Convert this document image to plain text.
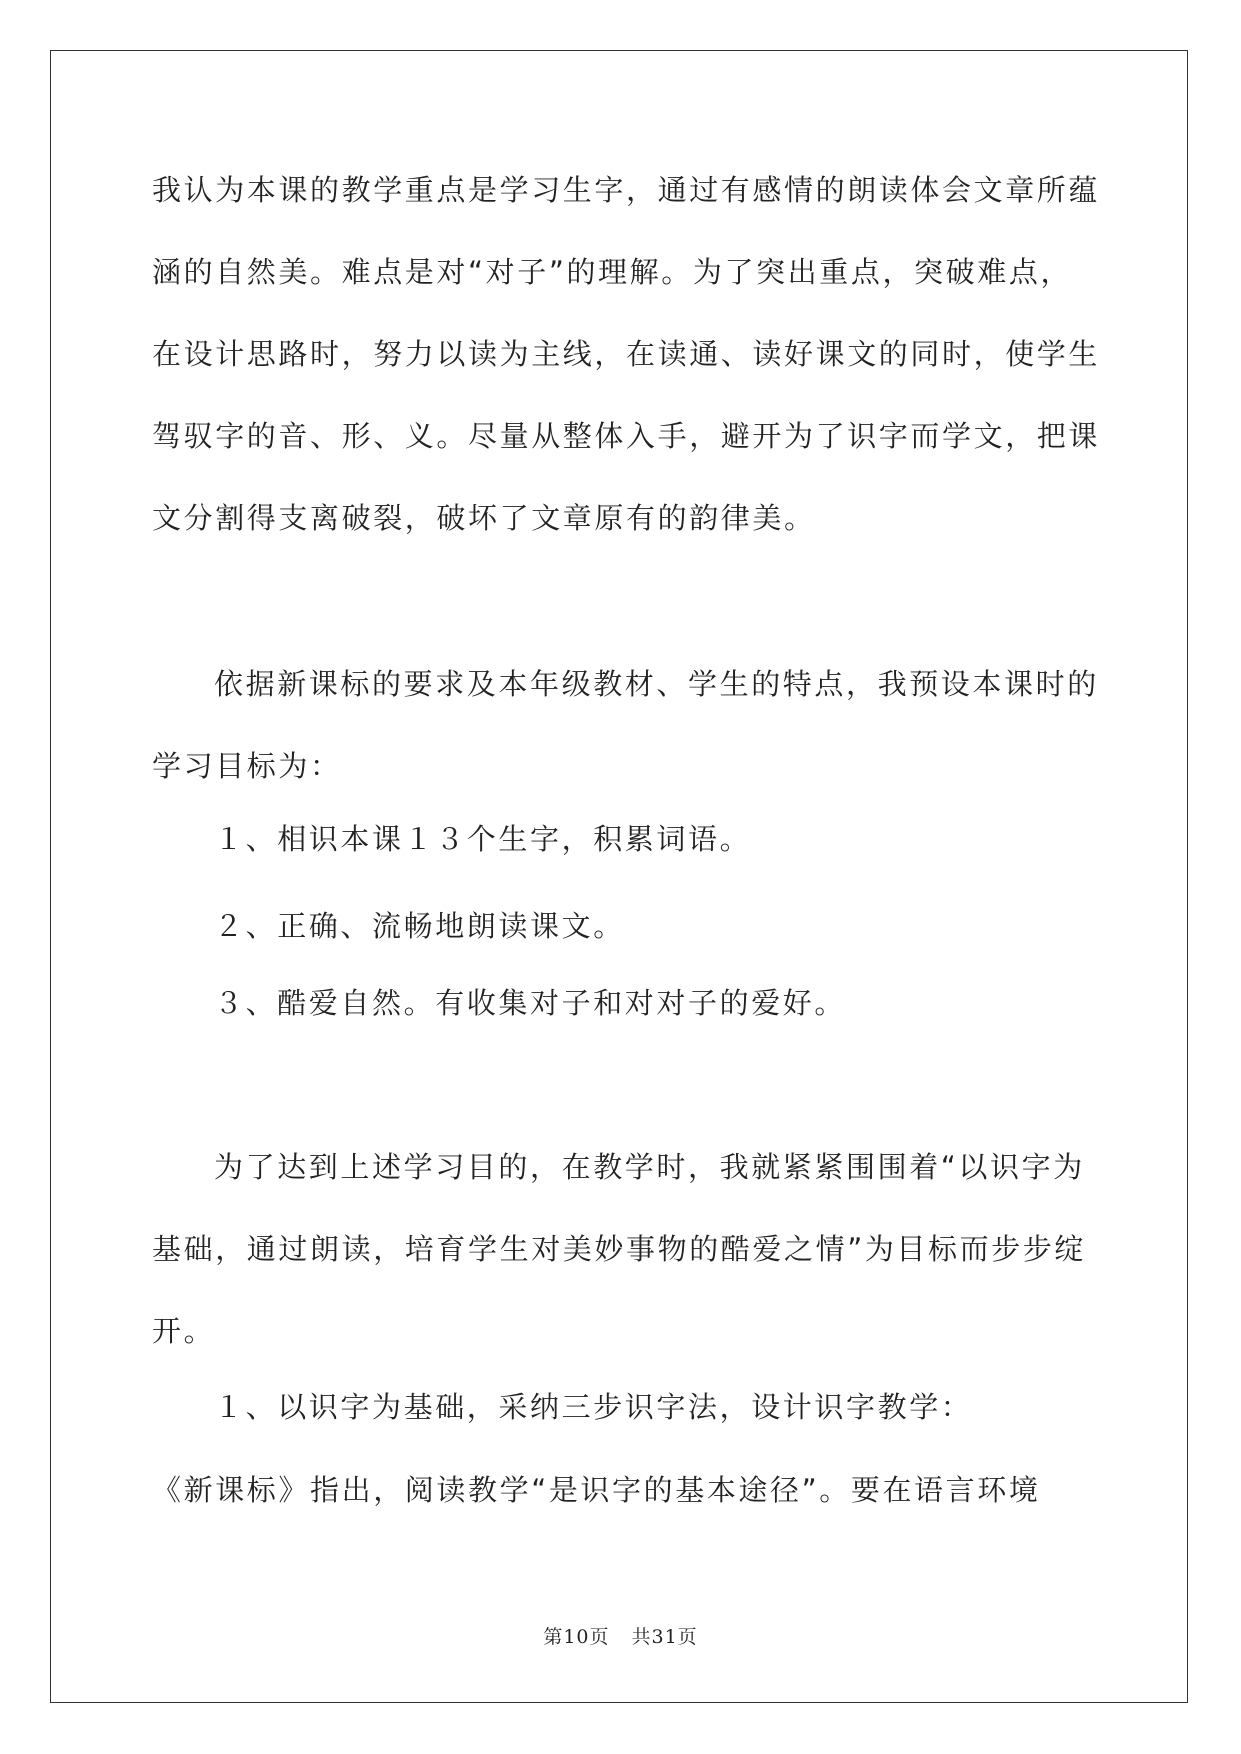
我认为本课的教学重点是学习生字，通过有感情的朗读体会文章所蕴
涵的自然美。难点是对“对子”的理解。为了突出重点，突破难点，
在设计思路时，努力以读为主线，在读通、读好课文的同时，使学生
驾驭字的音、形、义。尽量从整体入手，避开为了识字而学文，把课
文分割得支离破裂，破坏了文章原有的韵律美。
依据新课标的要求及本年级教材、学生的特点，我预设本课时的
学习目标为：
１、相识本课１３个生字，积累词语。
２、正确、流畅地朗读课文。
３、酷爱自然。有收集对子和对对子的爱好。
为了达到上述学习目的，在教学时，我就紧紧围围着“以识字为
基础，通过朗读，培育学生对美妙事物的酷爱之情”为目标而步步绽
开。
１、以识字为基础，采纳三步识字法，设计识字教学：
《新课标》指出，阅读教学“是识字的基本途径”。要在语言环境
第10页 共31页
